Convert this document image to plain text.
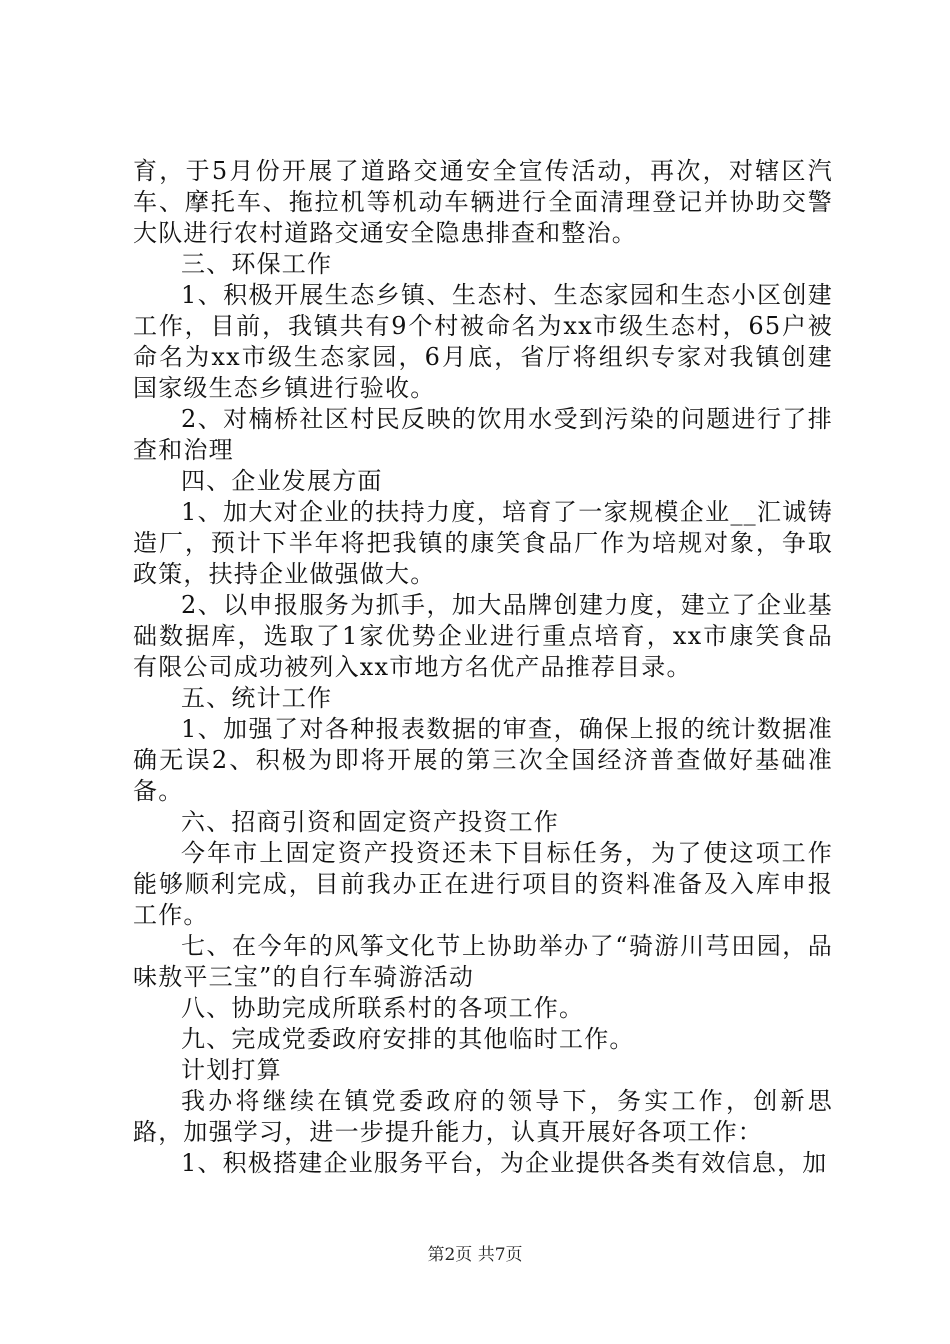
育，于5月份开展了道路交通安全宣传活动，再次，对辖区汽车、摩托车、拖拉机等机动车辆进行全面清理登记并协助交警大队进行农村道路交通安全隐患排查和整治。

三、环保工作

1、积极开展生态乡镇、生态村、生态家园和生态小区创建工作，目前，我镇共有9个村被命名为xx市级生态村，65户被命名为xx市级生态家园，6月底，省厅将组织专家对我镇创建国家级生态乡镇进行验收。

2、对楠桥社区村民反映的饮用水受到污染的问题进行了排查和治理

四、企业发展方面

1、加大对企业的扶持力度，培育了一家规模企业__汇诚铸造厂，预计下半年将把我镇的康笑食品厂作为培规对象，争取政策，扶持企业做强做大。

2、以申报服务为抓手，加大品牌创建力度，建立了企业基础数据库，选取了1家优势企业进行重点培育，xx市康笑食品有限公司成功被列入xx市地方名优产品推荐目录。

五、统计工作

1、加强了对各种报表数据的审查，确保上报的统计数据准确无误2、积极为即将开展的第三次全国经济普查做好基础准备。

六、招商引资和固定资产投资工作

今年市上固定资产投资还未下目标任务，为了使这项工作能够顺利完成，目前我办正在进行项目的资料准备及入库申报工作。

七、在今年的风筝文化节上协助举办了“骑游川芎田园，品味敖平三宝”的自行车骑游活动

八、协助完成所联系村的各项工作。

九、完成党委政府安排的其他临时工作。

计划打算

我办将继续在镇党委政府的领导下，务实工作，创新思路，加强学习，进一步提升能力，认真开展好各项工作：

1、积极搭建企业服务平台，为企业提供各类有效信息，加

第2页 共7页
